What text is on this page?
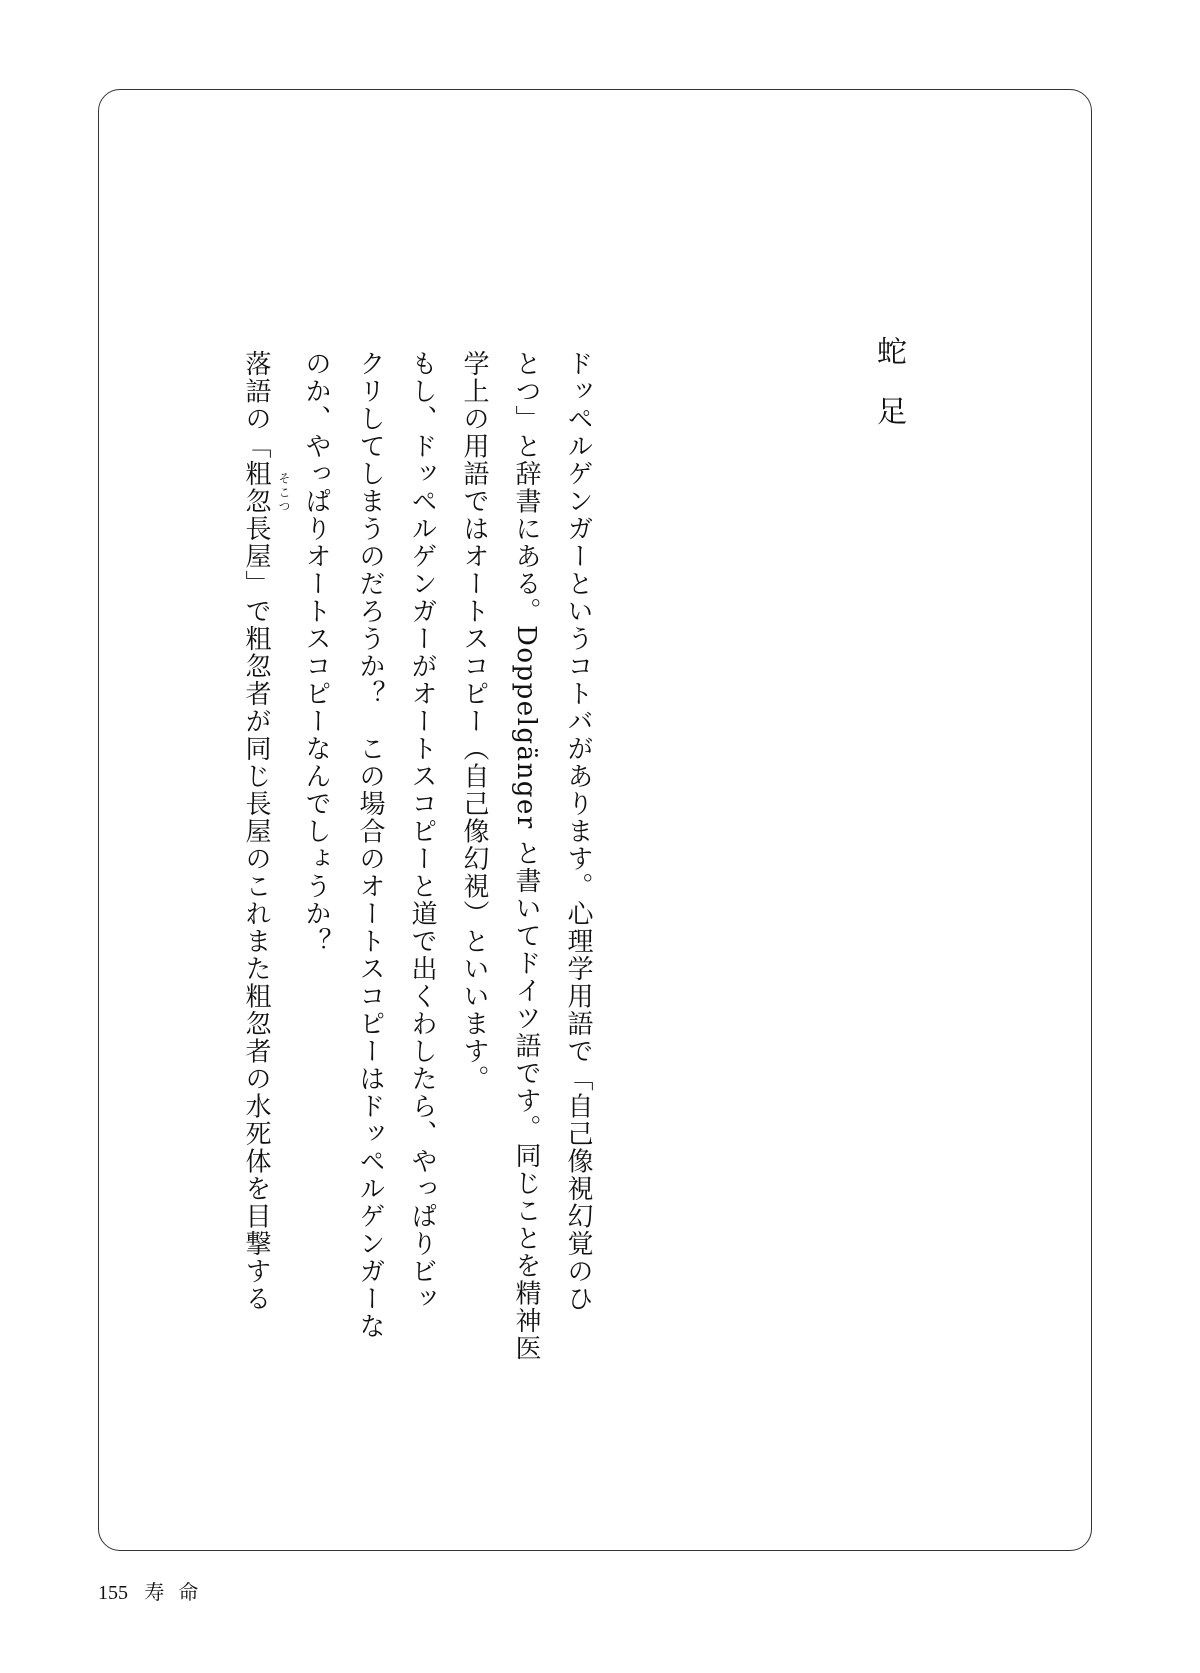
蛇
足
ドッペルゲンガーというコトバがあります。心理学用語で「自己像視幻覚のひ
とつ」と辞書にある。Doppelgänger と書いてドイツ語です。同じことを精神医
学上の用語ではオートスコピー（自己像幻視）といいます。
もし、ドッペルゲンガーがオートスコピーと道で出くわしたら、やっぱりビッ
クリしてしまうのだろうか？　この場合のオートスコピーはドッペルゲンガーな
のか、やっぱりオートスコピーなんでしょうか？
落語の「粗忽長屋」で粗忽者が同じ長屋のこれまた粗忽者の水死体を目撃する そこつ
155 寿命
